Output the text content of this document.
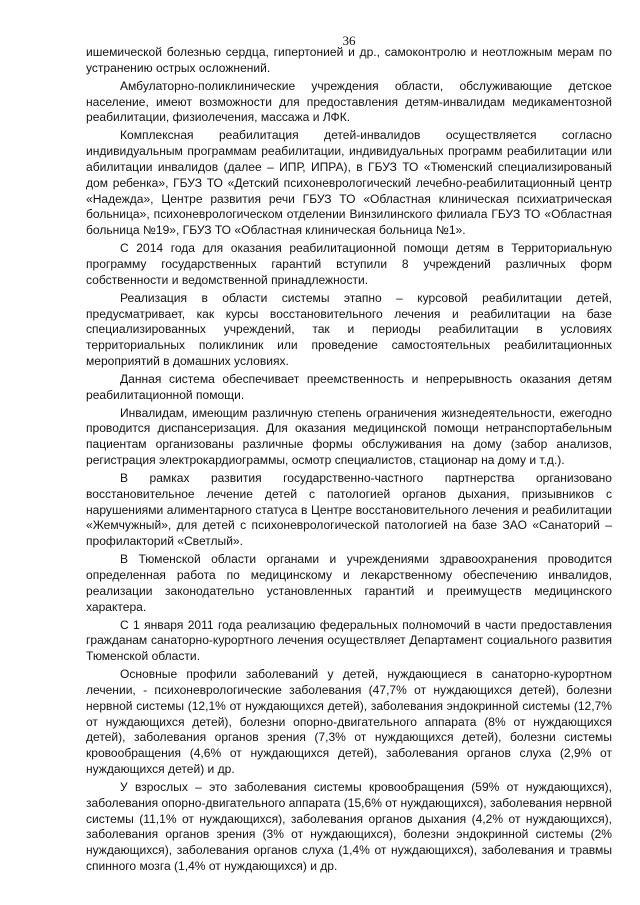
36

ишемической болезнью сердца, гипертонией и др., самоконтролю и неотложным мерам по устранению острых осложнений.

Амбулаторно-поликлинические учреждения области, обслуживающие детское население, имеют возможности для предоставления детям-инвалидам медикаментозной реабилитации, физиолечения, массажа и ЛФК.

Комплексная реабилитация детей-инвалидов осуществляется согласно индивидуальным программам реабилитации, индивидуальных программ реабилитации или абилитации инвалидов (далее – ИПР, ИПРА), в ГБУЗ ТО «Тюменский специализированый дом ребенка», ГБУЗ ТО «Детский психоневрологический лечебно-реабилитационный центр «Надежда», Центре развития речи ГБУЗ ТО «Областная клиническая психиатрическая больница», психоневрологическом отделении Винзилинского филиала ГБУЗ ТО «Областная больница №19», ГБУЗ ТО «Областная клиническая больница №1».

С 2014 года для оказания реабилитационной помощи детям в Территориальную программу государственных гарантий вступили 8 учреждений различных форм собственности и ведомственной принадлежности.

Реализация в области системы этапно – курсовой реабилитации детей, предусматривает, как курсы восстановительного лечения и реабилитации на базе специализированных учреждений, так и периоды реабилитации в условиях территориальных поликлиник или проведение самостоятельных реабилитационных мероприятий в домашних условиях.

Данная система обеспечивает преемственность и непрерывность оказания детям реабилитационной помощи.

Инвалидам, имеющим различную степень ограничения жизнедеятельности, ежегодно проводится диспансеризация. Для оказания медицинской помощи нетранспортабельным пациентам организованы различные формы обслуживания на дому (забор анализов, регистрация электрокардиограммы, осмотр специалистов, стационар на дому и т.д.).

В рамках развития государственно-частного партнерства организовано восстановительное лечение детей с патологией органов дыхания, призывников с нарушениями алиментарного статуса в Центре восстановительного лечения и реабилитации «Жемчужный», для детей с психоневрологической патологией на базе ЗАО «Санаторий – профилакторий «Светлый».

В Тюменской области органами и учреждениями здравоохранения проводится определенная работа по медицинскому и лекарственному обеспечению инвалидов, реализации законодательно установленных гарантий и преимуществ медицинского характера.

С 1 января 2011 года реализацию федеральных полномочий в части предоставления гражданам санаторно-курортного лечения осуществляет Департамент социального развития Тюменской области.

Основные профили заболеваний у детей, нуждающиеся в санаторно-курортном лечении, - психоневрологические заболевания (47,7% от нуждающихся детей), болезни нервной системы (12,1% от нуждающихся детей), заболевания эндокринной системы (12,7% от нуждающихся детей), болезни опорно-двигательного аппарата (8% от нуждающихся детей), заболевания органов зрения (7,3% от нуждающихся детей), болезни системы кровообращения (4,6% от нуждающихся детей), заболевания органов слуха (2,9% от нуждающихся детей) и др.

У взрослых – это заболевания системы кровообращения (59% от нуждающихся), заболевания опорно-двигательного аппарата (15,6% от нуждающихся), заболевания нервной системы (11,1% от нуждающихся), заболевания органов дыхания (4,2% от нуждающихся), заболевания органов зрения (3% от нуждающихся), болезни эндокринной системы (2% нуждающихся), заболевания органов слуха (1,4% от нуждающихся), заболевания и травмы спинного мозга (1,4% от нуждающихся) и др.
